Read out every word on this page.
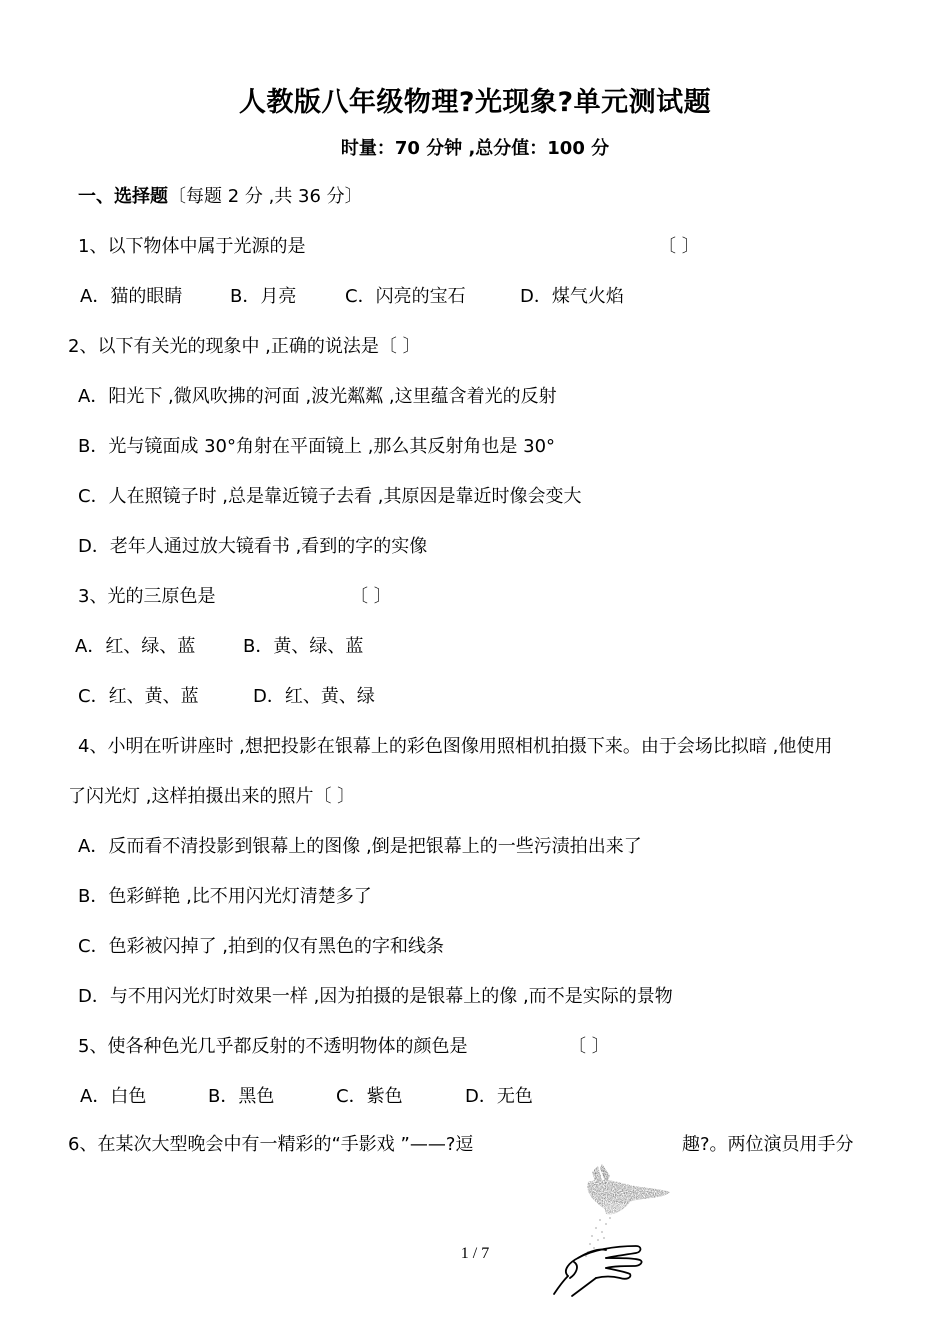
人教版八年级物理?光现象?单元测试题
时量：70 分钟 ,总分值：100 分
一、选择题〔每题 2 分 ,共 36 分〕
1、以下物体中属于光源的是	〔 〕
A．猫的眼睛	B．月亮	C．闪亮的宝石	D．煤气火焰
2、以下有关光的现象中 ,正确的说法是〔 〕
A．阳光下 ,微风吹拂的河面 ,波光粼粼 ,这里蕴含着光的反射
B．光与镜面成 30°角射在平面镜上 ,那么其反射角也是 30°
C．人在照镜子时 ,总是靠近镜子去看 ,其原因是靠近时像会变大
D．老年人通过放大镜看书 ,看到的字的实像
3、光的三原色是	〔 〕
A．红、绿、蓝	B．黄、绿、蓝
C．红、黄、蓝	D．红、黄、绿
4、小明在听讲座时 ,想把投影在银幕上的彩色图像用照相机拍摄下来。由于会场比拟暗 ,他使用
了闪光灯 ,这样拍摄出来的照片〔 〕
A．反而看不清投影到银幕上的图像 ,倒是把银幕上的一些污渍拍出来了
B．色彩鲜艳 ,比不用闪光灯清楚多了
C．色彩被闪掉了 ,拍到的仅有黑色的字和线条
D．与不用闪光灯时效果一样 ,因为拍摄的是银幕上的像 ,而不是实际的景物
5、使各种色光几乎都反射的不透明物体的颜色是	〔 〕
A．白色	B．黑色	C．紫色	D．无色
6、在某次大型晚会中有一精彩的“手影戏 ”——?逗	趣?。两位演员用手分
1 / 7
